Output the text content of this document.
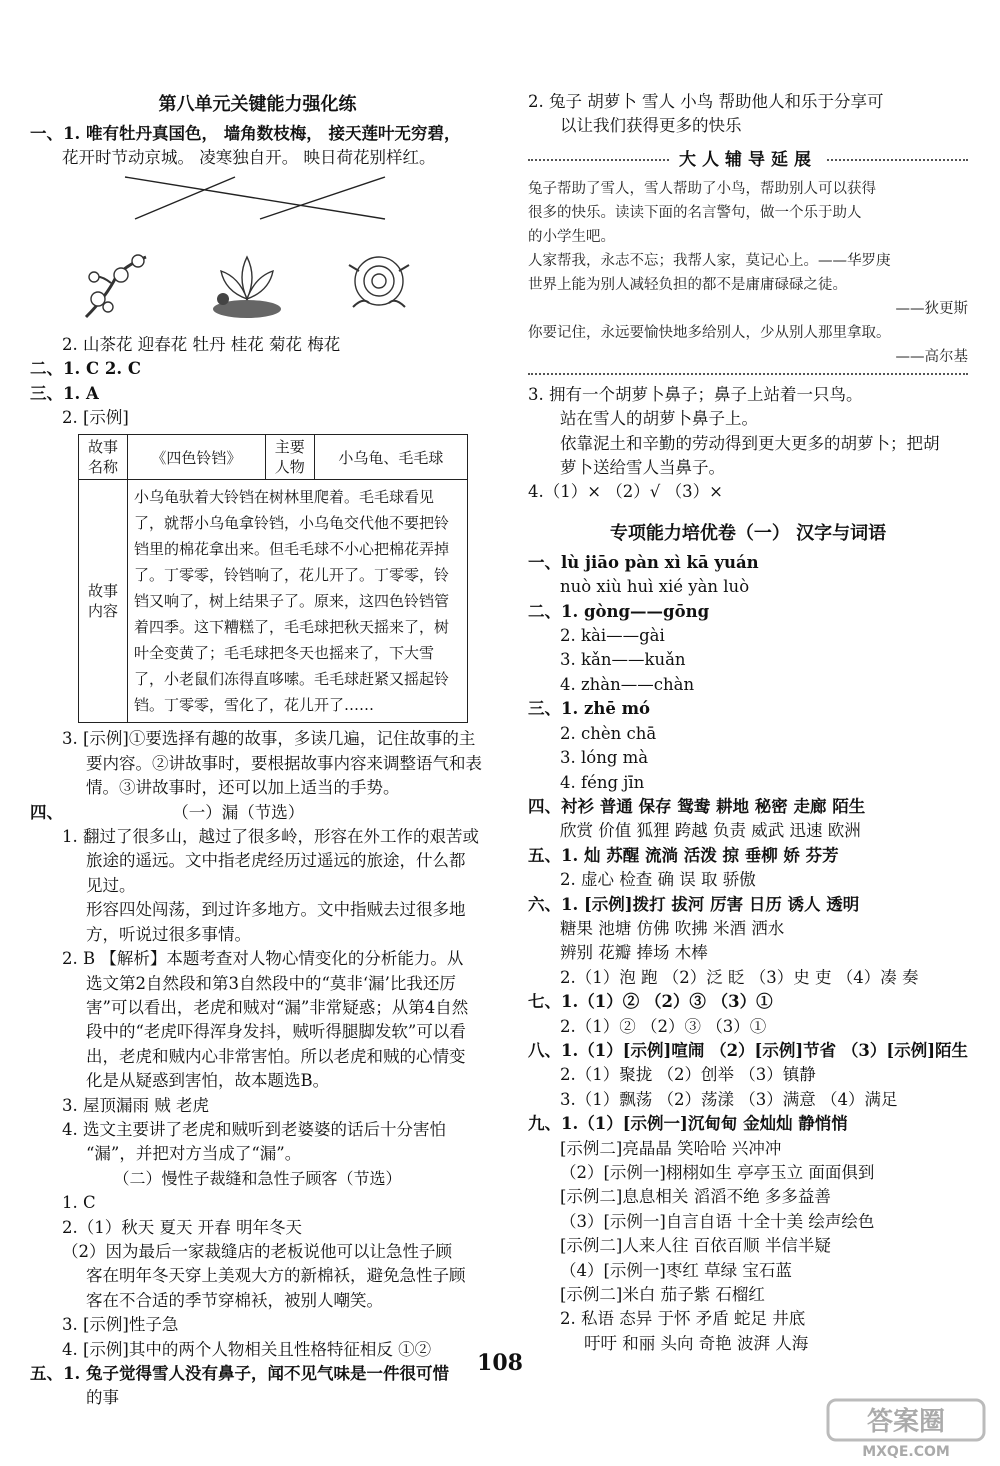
第八单元关键能力强化练
一、1. 唯有牡丹真国色， 墙角数枝梅， 接天莲叶无穷碧，
花开时节动京城。 凌寒独自开。 映日荷花别样红。
2. 山茶花 迎春花 牡丹 桂花 菊花 梅花
二、1. C 2. C
三、1. A
2. [示例]
故事名称	《四色铃铛》	主要人物	小乌龟、毛毛球
故事内容	小乌龟驮着大铃铛在树林里爬着。毛毛球看见了，就帮小乌龟拿铃铛，小乌龟交代他不要把铃铛里的棉花拿出来。但毛毛球不小心把棉花弄掉了。丁零零，铃铛响了，花儿开了。丁零零，铃铛又响了，树上结果子了。原来，这四色铃铛管着四季。这下糟糕了，毛毛球把秋天摇来了，树叶全变黄了；毛毛球把冬天也摇来了，下大雪了，小老鼠们冻得直哆嗦。毛毛球赶紧又摇起铃铛。丁零零，雪化了，花儿开了……		
3. [示例]①要选择有趣的故事，多读几遍，记住故事的主
要内容。②讲故事时，要根据故事内容来调整语气和表
情。③讲故事时，还可以加上适当的手势。
四、	（一）漏（节选）
1. 翻过了很多山，越过了很多岭，形容在外工作的艰苦或
旅途的遥远。文中指老虎经历过遥远的旅途，什么都
见过。
形容四处闯荡，到过许多地方。文中指贼去过很多地
方，听说过很多事情。
2. B 【解析】本题考查对人物心情变化的分析能力。从
选文第2自然段和第3自然段中的“莫非‘漏’比我还厉
害”可以看出，老虎和贼对“漏”非常疑惑；从第4自然
段中的“老虎吓得浑身发抖，贼听得腿脚发软”可以看
出，老虎和贼内心非常害怕。所以老虎和贼的心情变
化是从疑惑到害怕，故本题选B。
3. 屋顶漏雨 贼 老虎
4. 选文主要讲了老虎和贼听到老婆婆的话后十分害怕
“漏”，并把对方当成了“漏”。
（二）慢性子裁缝和急性子顾客（节选）
1. C
2.（1）秋天 夏天 开春 明年冬天
（2）因为最后一家裁缝店的老板说他可以让急性子顾
客在明年冬天穿上美观大方的新棉袄，避免急性子顾
客在不合适的季节穿棉袄，被别人嘲笑。
3. [示例]性子急
4. [示例]其中的两个人物相关且性格特征相反 ①②
五、1. 兔子觉得雪人没有鼻子，闻不见气味是一件很可惜
的事
2. 兔子 胡萝卜 雪人 小鸟 帮助他人和乐于分享可
以让我们获得更多的快乐
大人辅导延展
兔子帮助了雪人，雪人帮助了小鸟，帮助别人可以获得
很多的快乐。读读下面的名言警句，做一个乐于助人
的小学生吧。
人家帮我，永志不忘；我帮人家，莫记心上。——华罗庚
世界上能为别人减轻负担的都不是庸庸碌碌之徒。
——狄更斯
你要记住，永远要愉快地多给别人，少从别人那里拿取。
——高尔基
3. 拥有一个胡萝卜鼻子；鼻子上站着一只鸟。
站在雪人的胡萝卜鼻子上。
依靠泥土和辛勤的劳动得到更大更多的胡萝卜；把胡
萝卜送给雪人当鼻子。
4.（1）× （2）√ （3）×
专项能力培优卷（一） 汉字与词语
一、lù jiāo pàn xì kā yuán
nuò xiù huì xié yàn luò
二、1. gòng——gōng
2. kài——gài
3. kǎn——kuǎn
4. zhàn——chàn
三、1. zhē mó
2. chèn chā
3. lóng mà
4. féng jīn
四、衬衫 普通 保存 鸳鸯 耕地 秘密 走廊 陌生
欣赏 价值 狐狸 跨越 负责 威武 迅速 欧洲
五、1. 灿 苏醒 流淌 活泼 掠 垂柳 娇 芬芳
2. 虚心 检查 确 误 取 骄傲
六、1. [示例]拨打 拔河 厉害 日历 诱人 透明
糖果 池塘 仿佛 吹拂 米酒 洒水
辨别 花瓣 捧场 木棒
2.（1）泡 跑 （2）泛 眨 （3）史 吏 （4）凑 奏
七、1.（1）② （2）③ （3）①
2.（1）② （2）③ （3）①
八、1.（1）[示例]喧闹 （2）[示例]节省 （3）[示例]陌生
2.（1）聚拢 （2）创举 （3）镇静
3.（1）飘荡 （2）荡漾 （3）满意 （4）满足
九、1.（1）[示例一]沉甸甸 金灿灿 静悄悄
[示例二]亮晶晶 笑哈哈 兴冲冲
（2）[示例一]栩栩如生 亭亭玉立 面面俱到
[示例二]息息相关 滔滔不绝 多多益善
（3）[示例一]自言自语 十全十美 绘声绘色
[示例二]人来人往 百依百顺 半信半疑
（4）[示例一]枣红 草绿 宝石蓝
[示例二]米白 茄子紫 石榴红
2. 私语 态异 于怀 矛盾 蛇足 井底
吁吁 和丽 头向 奇艳 波湃 人海
108
答案圈
MXQE.COM
